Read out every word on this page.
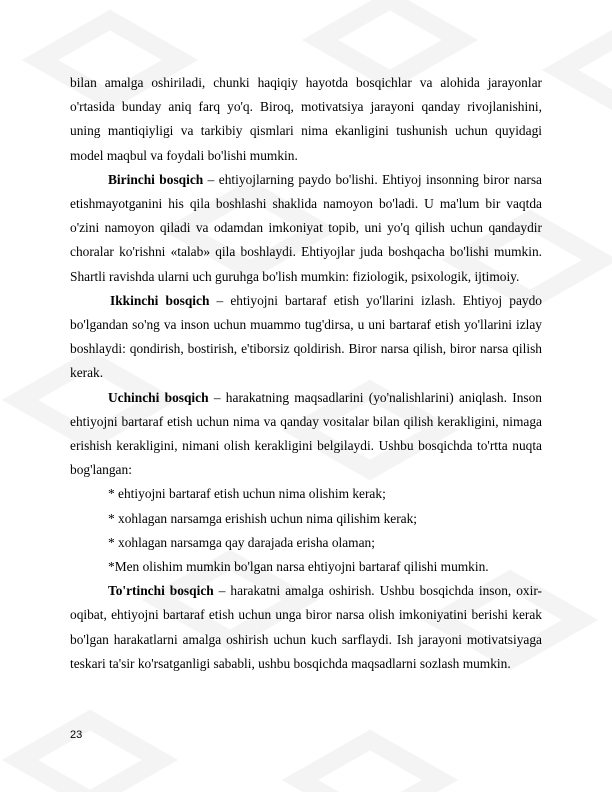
bilan amalga oshiriladi, chunki haqiqiy hayotda bosqichlar va alohida jarayonlar o'rtasida bunday aniq farq yo'q. Biroq, motivatsiya jarayoni qanday rivojlanishini, uning mantiqiyligi va tarkibiy qismlari nima ekanligini tushunish uchun quyidagi model maqbul va foydali bo'lishi mumkin.

Birinchi bosqich – ehtiyojlarning paydo bo'lishi. Ehtiyoj insonning biror narsa etishmayotganini his qila boshlashi shaklida namoyon bo'ladi. U ma'lum bir vaqtda o'zini namoyon qiladi va odamdan imkoniyat topib, uni yo'q qilish uchun qandaydir choralar ko'rishni «talab» qila boshlaydi. Ehtiyojlar juda boshqacha bo'lishi mumkin. Shartli ravishda ularni uch guruhga bo'lish mumkin: fiziologik, psixologik, ijtimoiy.

Ikkinchi bosqich – ehtiyojni bartaraf etish yo'llarini izlash. Ehtiyoj paydo bo'lgandan so'ng va inson uchun muammo tug'dirsa, u uni bartaraf etish yo'llarini izlay boshlaydi: qondirish, bostirish, e'tiborsiz qoldirish. Biror narsa qilish, biror narsa qilish kerak.

Uchinchi bosqich – harakatning maqsadlarini (yo'nalishlarini) aniqlash. Inson ehtiyojni bartaraf etish uchun nima va qanday vositalar bilan qilish kerakligini, nimaga erishish kerakligini, nimani olish kerakligini belgilaydi. Ushbu bosqichda to'rtta nuqta bog'langan:

* ehtiyojni bartaraf etish uchun nima olishim kerak;

* xohlagan narsamga erishish uchun nima qilishim kerak;

* xohlagan narsamga qay darajada erisha olaman;

*Men olishim mumkin bo'lgan narsa ehtiyojni bartaraf qilishi mumkin.

To'rtinchi bosqich – harakatni amalga oshirish. Ushbu bosqichda inson, oxir-oqibat, ehtiyojni bartaraf etish uchun unga biror narsa olish imkoniyatini berishi kerak bo'lgan harakatlarni amalga oshirish uchun kuch sarflaydi. Ish jarayoni motivatsiyaga teskari ta'sir ko'rsatganligi sababli, ushbu bosqichda maqsadlarni sozlash mumkin.

23
